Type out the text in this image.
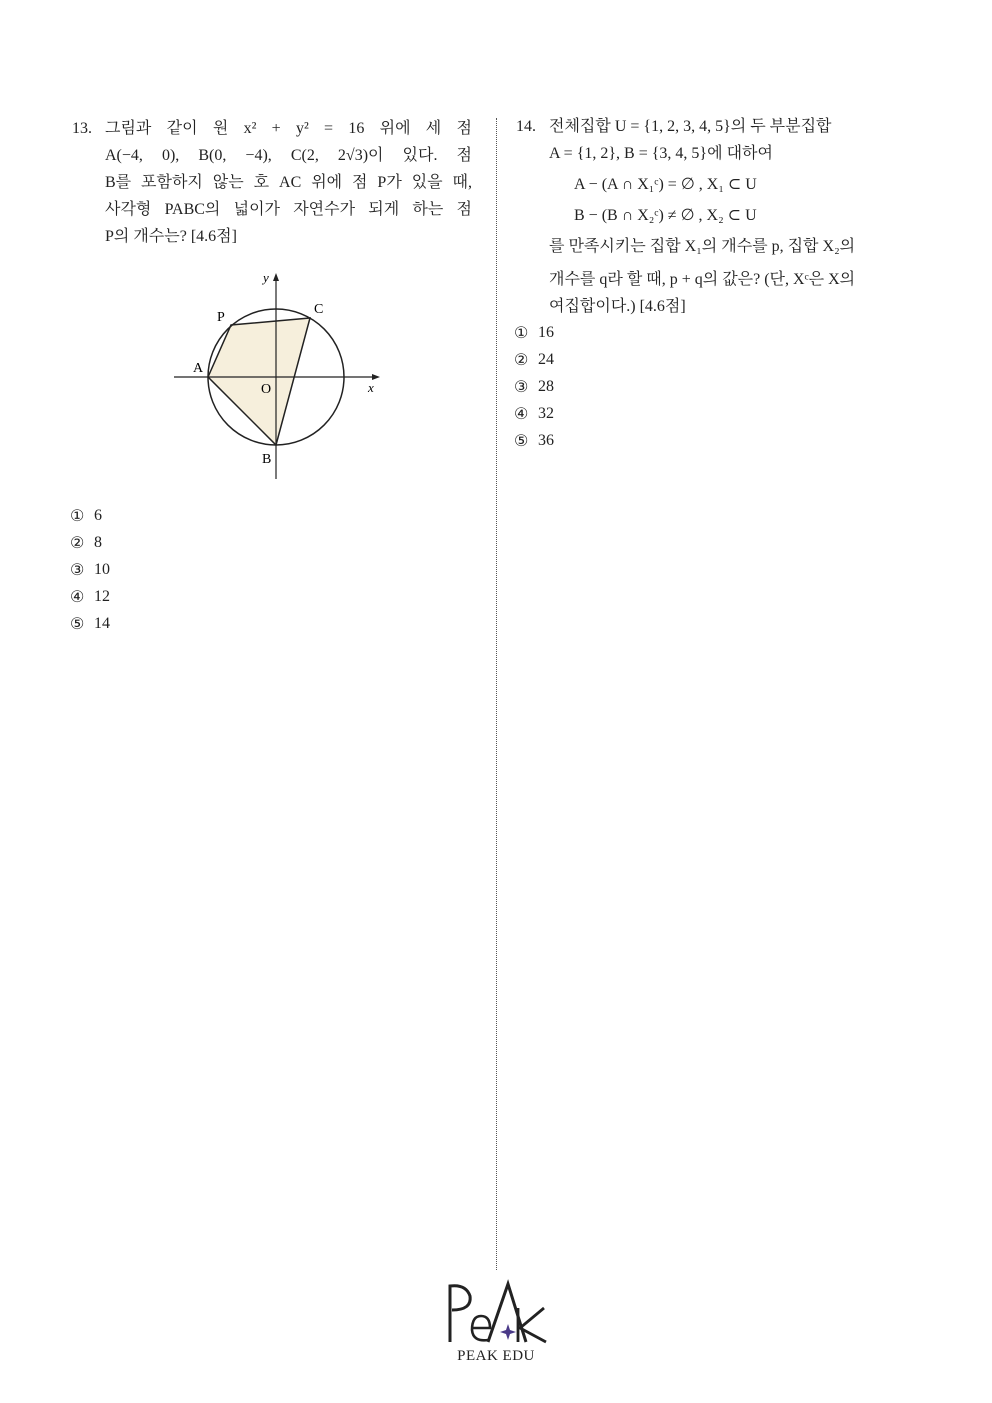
13. 그림과 같이 원 x² + y² = 16 위에 세 점
A(−4, 0), B(0, −4), C(2, 2√3)이 있다. 점
B를 포함하지 않는 호 AC 위에 점 P가 있을 때,
사각형 PABC의 넓이가 자연수가 되게 하는 점
P의 개수는? [4.6점]
y
x
O
A
B
C
P
① 6
② 8
③ 10
④ 12
⑤ 14
14. 전체집합 U = {1, 2, 3, 4, 5}의 두 부분집합
A = {1, 2}, B = {3, 4, 5}에 대하여
A − (A ∩ X₁ᶜ) = ∅ , X₁ ⊂ U
B − (B ∩ X₂ᶜ) ≠ ∅ , X₂ ⊂ U
를 만족시키는 집합 X₁의 개수를 p, 집합 X₂의
개수를 q라 할 때, p + q의 값은? (단, Xᶜ은 X의
여집합이다.) [4.6점]
① 16
② 24
③ 28
④ 32
⑤ 36
PEAK EDU
